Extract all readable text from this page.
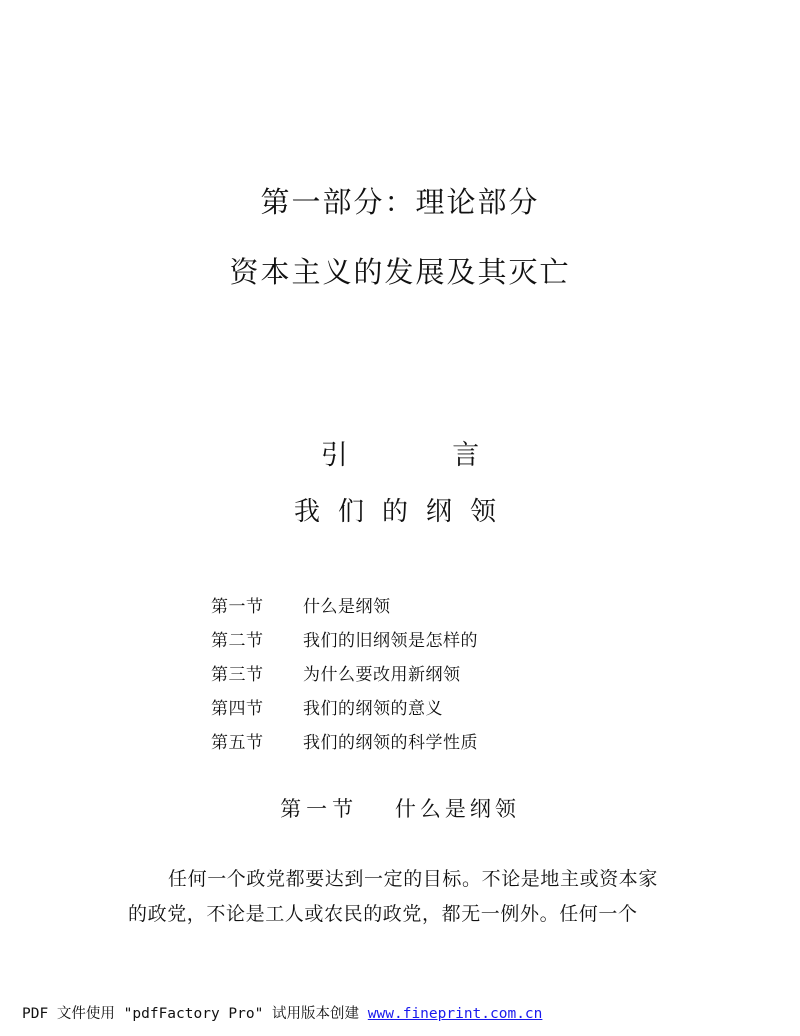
第一部分：理论部分
资本主义的发展及其灭亡
引	言
我们的纲领
第一节	什么是纲领
第二节	我们的旧纲领是怎样的
第三节	为什么要改用新纲领
第四节	我们的纲领的意义
第五节	我们的纲领的科学性质
第一节 什么是纲领

任何一个政党都要达到一定的目标。不论是地主或资本家的政党，不论是工人或农民的政党，都无一例外。任何一个

PDF 文件使用 "pdfFactory Pro" 试用版本创建 www.fineprint.com.cn
